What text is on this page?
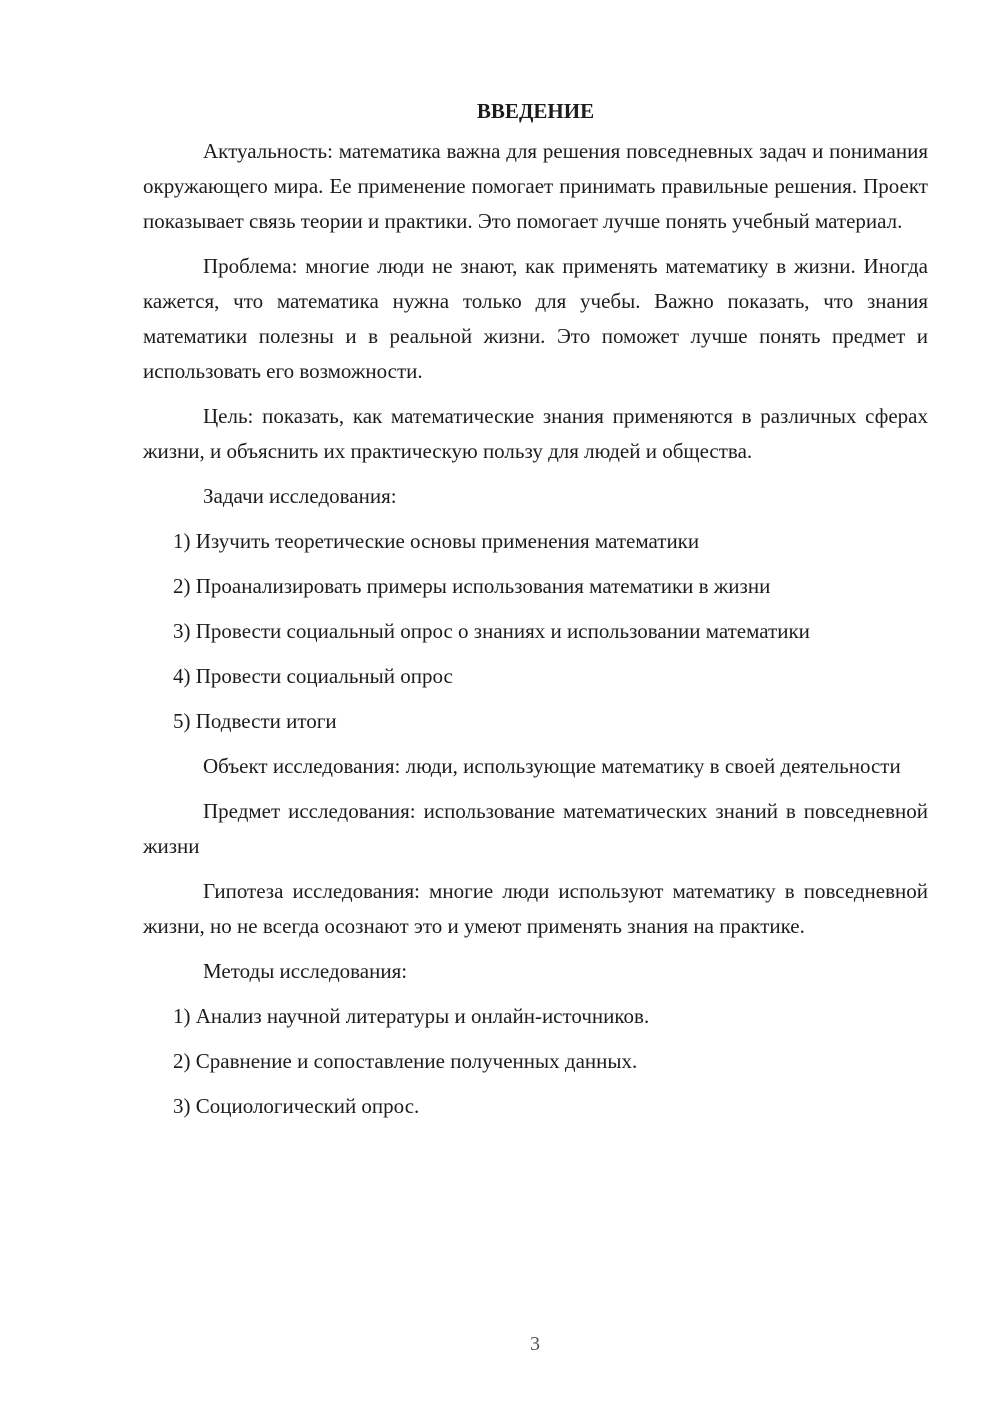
ВВЕДЕНИЕ

Актуальность: математика важна для решения повседневных задач и понимания окружающего мира. Ее применение помогает принимать правильные решения. Проект показывает связь теории и практики. Это помогает лучше понять учебный материал.

Проблема: многие люди не знают, как применять математику в жизни. Иногда кажется, что математика нужна только для учебы. Важно показать, что знания математики полезны и в реальной жизни. Это поможет лучше понять предмет и использовать его возможности.

Цель: показать, как математические знания применяются в различных сферах жизни, и объяснить их практическую пользу для людей и общества.

Задачи исследования:

1) Изучить теоретические основы применения математики

2) Проанализировать примеры использования математики в жизни

3) Провести социальный опрос о знаниях и использовании математики

4) Провести социальный опрос

5) Подвести итоги

Объект исследования: люди, использующие математику в своей деятельности

Предмет исследования: использование математических знаний в повседневной жизни

Гипотеза исследования: многие люди используют математику в повседневной жизни, но не всегда осознают это и умеют применять знания на практике.

Методы исследования:

1) Анализ научной литературы и онлайн-источников.

2) Сравнение и сопоставление полученных данных.

3) Социологический опрос.

3
